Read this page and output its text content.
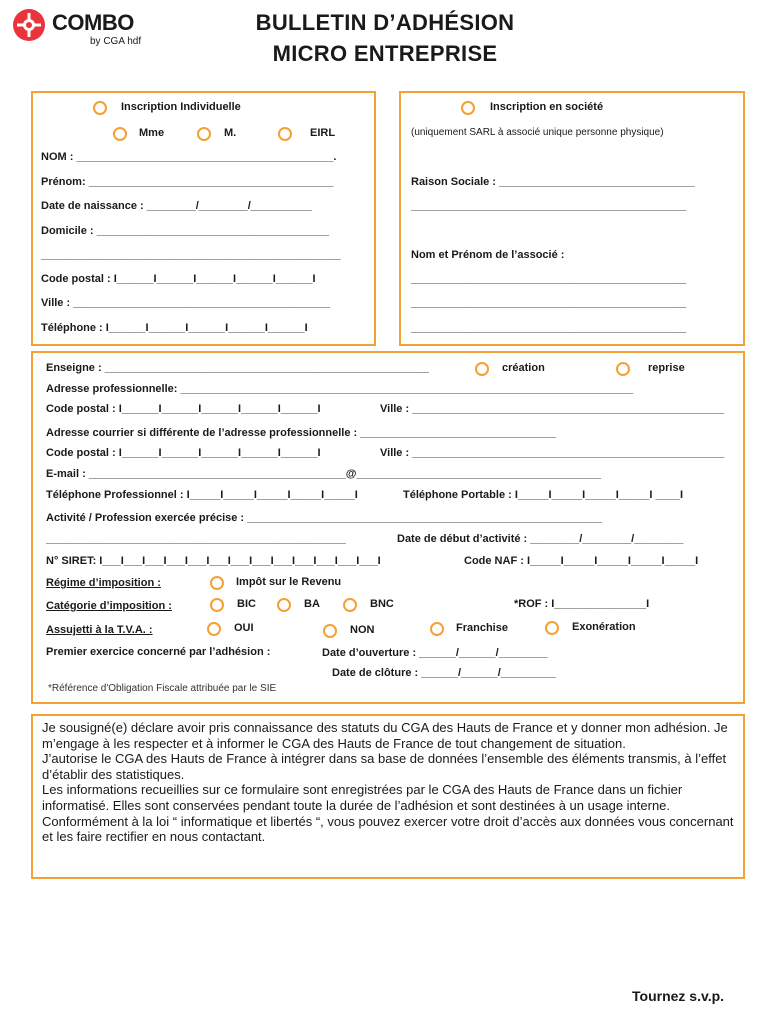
COMBO
by CGA hdf
BULLETIN D’ADHÉSION
MICRO ENTREPRISE
Inscription Individuelle
Mme	M.	EIRL
NOM : __________________________________________.
Prénom: ________________________________________
Date de naissance : ________/________/__________
Domicile : ______________________________________
_________________________________________________
Code postal : I______I______I______I______I______I
Ville : __________________________________________
Téléphone : I______I______I______I______I______I
Inscription en société
(uniquement SARL à associé unique personne physique)
Raison Sociale : ________________________________
_____________________________________________
Nom et Prénom de l’associé :
_____________________________________________
_____________________________________________
_____________________________________________
Enseigne : _____________________________________________________	création	reprise
Adresse professionnelle: __________________________________________________________________________
Code postal : I______I______I______I______I______I	Ville : ___________________________________________________
Adresse courrier si différente de l’adresse professionnelle : ________________________________
Code postal : I______I______I______I______I______I	Ville : ___________________________________________________
E-mail : __________________________________________@________________________________________
Téléphone Professionnel : I_____I_____I_____I_____I_____I	Téléphone Portable : I_____I_____I_____I_____I ____I
Activité / Profession exercée précise : __________________________________________________________
_________________________________________________	Date de début d’activité : ________/________/________
N° SIRET: I___I___I___I___I___I___I___I___I___I___I___I___I___I	Code NAF : I_____I_____I_____I_____I_____I
Régime d’imposition :	Impôt sur le Revenu
Catégorie d’imposition :	BIC	BA	BNC	*ROF : I_______________I
Assujetti à la T.V.A. :	OUI	NON	Franchise	Exonération
Premier exercice concerné par l’adhésion :	Date d’ouverture : ______/______/________
Date de clôture : ______/______/_________
*Référence d'Obligation Fiscale attribuée par le SIE

Je sousigné(e) déclare avoir pris connaissance des statuts du CGA des Hauts de France et y donner mon adhésion. Je m’engage à les respecter et à informer le CGA des Hauts de France de tout changement de situation.

J’autorise le CGA des Hauts de France à intégrer dans sa base de données l’ensemble des éléments transmis, à l’effet d’établir des statistiques.

Les informations recueillies sur ce formulaire sont enregistrées par le CGA des Hauts de France dans un fichier informatisé. Elles sont conservées pendant toute la durée de l’adhésion et sont destinées à un usage interne.

Conformément à la loi “ informatique et libertés “, vous pouvez exercer votre droit d’accès aux données vous concernant et les faire rectifier en nous contactant.

Tournez s.v.p.
